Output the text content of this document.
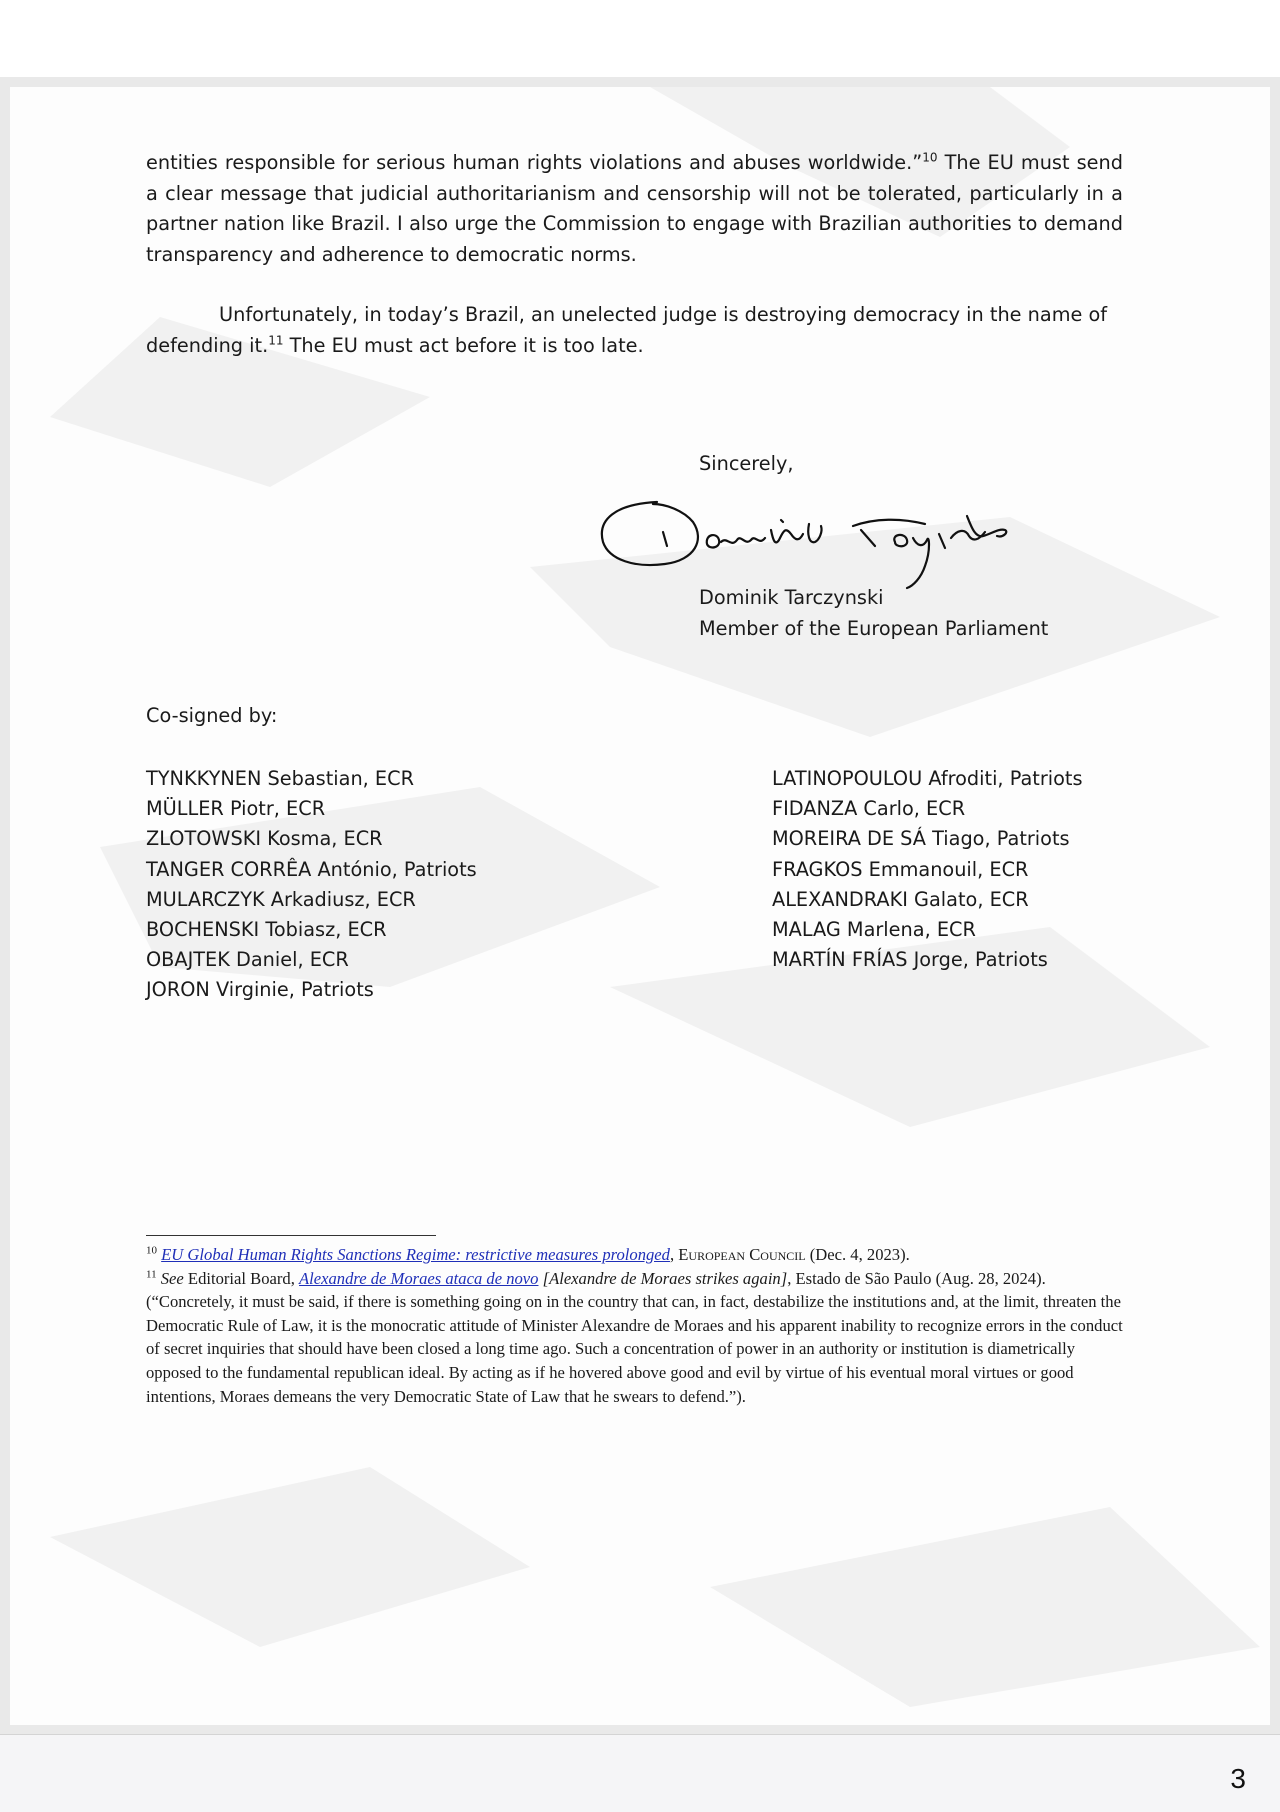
entities responsible for serious human rights violations and abuses worldwide.”$^{10}$ The EU must send a clear message that judicial authoritarianism and censorship will not be tolerated, particularly in a partner nation like Brazil. I also urge the Commission to engage with Brazilian authorities to demand transparency and adherence to democratic norms.

Unfortunately, in today’s Brazil, an unelected judge is destroying democracy in the name of defending it.$^{11}$ The EU must act before it is too late.

Sincerely,
Dominik Tarczynski
Member of the European Parliament
Co-signed by:
TYNKKYNEN Sebastian, ECR
MÜLLER Piotr, ECR
ZLOTOWSKI Kosma, ECR
TANGER CORRÊA António, Patriots
MULARCZYK Arkadiusz, ECR
BOCHENSKI Tobiasz, ECR
OBAJTEK Daniel, ECR
JORON Virginie, Patriots
LATINOPOULOU Afroditi, Patriots
FIDANZA Carlo, ECR
MOREIRA DE SÁ Tiago, Patriots
FRAGKOS Emmanouil, ECR
ALEXANDRAKI Galato, ECR
MALAG Marlena, ECR
MARTÍN FRÍAS Jorge, Patriots

$^{10}$ EU Global Human Rights Sanctions Regime: restrictive measures prolonged, European Council (Dec. 4, 2023).

$^{11}$ See Editorial Board, Alexandre de Moraes ataca de novo [Alexandre de Moraes strikes again], Estado de São Paulo (Aug. 28, 2024). (“Concretely, it must be said, if there is something going on in the country that can, in fact, destabilize the institutions and, at the limit, threaten the Democratic Rule of Law, it is the monocratic attitude of Minister Alexandre de Moraes and his apparent inability to recognize errors in the conduct of secret inquiries that should have been closed a long time ago. Such a concentration of power in an authority or institution is diametrically opposed to the fundamental republican ideal. By acting as if he hovered above good and evil by virtue of his eventual moral virtues or good intentions, Moraes demeans the very Democratic State of Law that he swears to defend.”).

3
